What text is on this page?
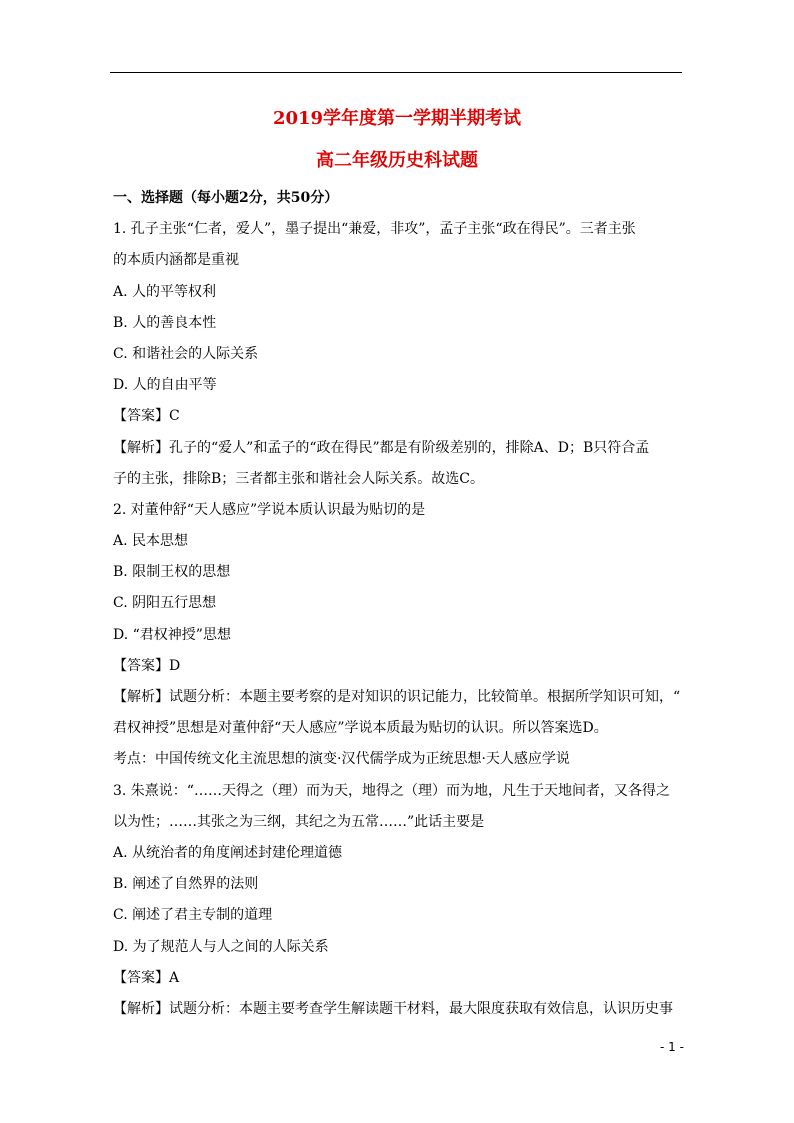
2019学年度第一学期半期考试
高二年级历史科试题
一、选择题（每小题2分，共50分）
1. 孔子主张“仁者，爱人”，墨子提出“兼爱，非攻”，孟子主张“政在得民”。三者主张
的本质内涵都是重视
A. 人的平等权利
B. 人的善良本性
C. 和谐社会的人际关系
D. 人的自由平等
【答案】C
【解析】孔子的“爱人”和孟子的“政在得民”都是有阶级差别的，排除A、D；B只符合孟
子的主张，排除B；三者都主张和谐社会人际关系。故选C。
2. 对董仲舒“天人感应”学说本质认识最为贴切的是
A. 民本思想
B. 限制王权的思想
C. 阴阳五行思想
D. “君权神授”思想
【答案】D
【解析】试题分析：本题主要考察的是对知识的识记能力，比较简单。根据所学知识可知，“
君权神授”思想是对董仲舒“天人感应”学说本质最为贴切的认识。所以答案选D。
考点：中国传统文化主流思想的演变·汉代儒学成为正统思想·天人感应学说
3. 朱熹说：“……天得之（理）而为天，地得之（理）而为地，凡生于天地间者，又各得之
以为性；……其张之为三纲，其纪之为五常……”此话主要是
A. 从统治者的角度阐述封建伦理道德
B. 阐述了自然界的法则
C. 阐述了君主专制的道理
D. 为了规范人与人之间的人际关系
【答案】A
【解析】试题分析：本题主要考查学生解读题干材料，最大限度获取有效信息，认识历史事
- 1 -
